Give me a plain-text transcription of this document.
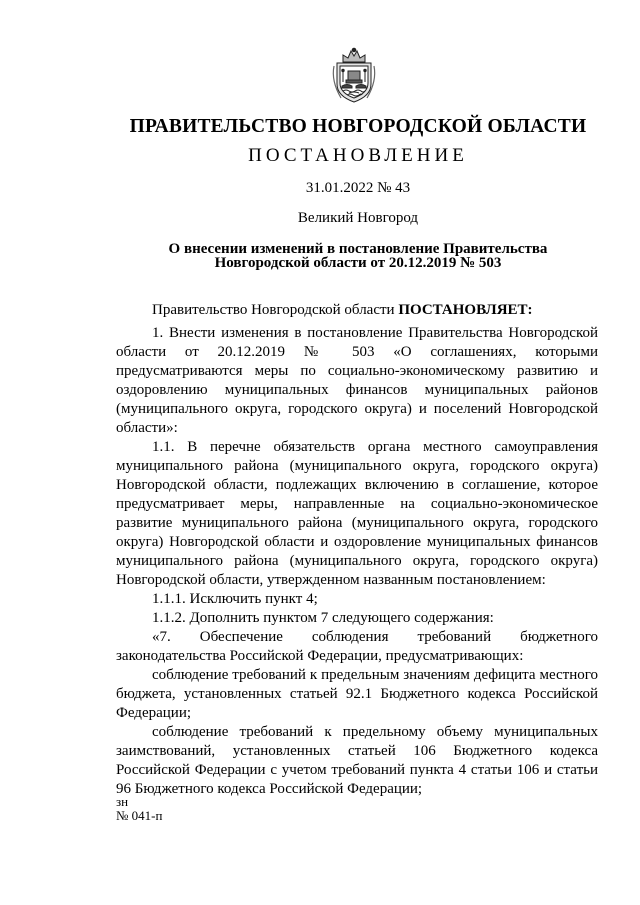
ПРАВИТЕЛЬСТВО НОВГОРОДСКОЙ ОБЛАСТИ
ПОСТАНОВЛЕНИЕ
31.01.2022 № 43
Великий Новгород
О внесении изменений в постановление Правительства
Новгородской области от 20.12.2019 № 503

Правительство Новгородской области ПОСТАНОВЛЯЕТ:

1. Внести изменения в постановление Правительства Новгородской области от 20.12.2019 № 503 «О соглашениях, которыми предусматриваются меры по социально-экономическому развитию и оздоровлению муниципальных финансов муниципальных районов (муниципального округа, городского округа) и поселений Новгородской области»:

1.1. В перечне обязательств органа местного самоуправления муниципального района (муниципального округа, городского округа) Новгородской области, подлежащих включению в соглашение, которое предусматривает меры, направленные на социально-экономическое развитие муниципального района (муниципального округа, городского округа) Новгородской области и оздоровление муниципальных финансов муниципального района (муниципального округа, городского округа) Новгородской области, утвержденном названным постановлением:

1.1.1. Исключить пункт 4;

1.1.2. Дополнить пунктом 7 следующего содержания:

«7. Обеспечение соблюдения требований бюджетного законодательства Российской Федерации, предусматривающих:

соблюдение требований к предельным значениям дефицита местного бюджета, установленных статьей 92.1 Бюджетного кодекса Российской Федерации;

соблюдение требований к предельному объему муниципальных заимствований, установленных статьей 106 Бюджетного кодекса Российской Федерации с учетом требований пункта 4 статьи 106 и статьи 96 Бюджетного кодекса Российской Федерации;

зн
№ 041-п
